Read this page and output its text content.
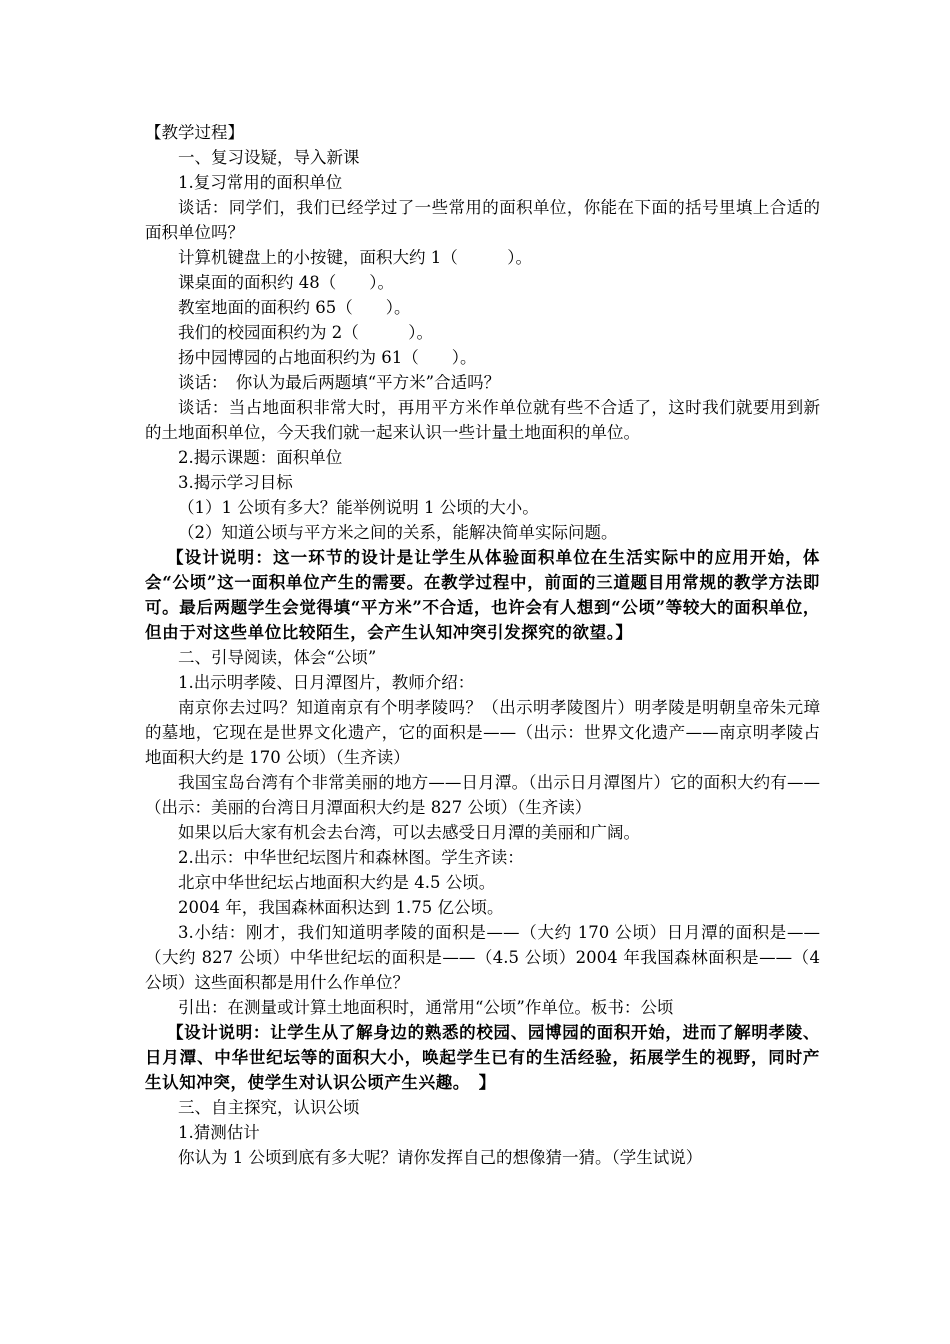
【教学过程】

一、复习设疑，导入新课

1.复习常用的面积单位

谈话：同学们，我们已经学过了一些常用的面积单位，你能在下面的括号里填上合适的面积单位吗？

计算机键盘上的小按键，面积大约 1（　　　）。

课桌面的面积约 48（　　）。

教室地面的面积约 65（　　）。

我们的校园面积约为 2（　　　）。

扬中园博园的占地面积约为 61（　　）。

谈话：　你认为最后两题填“平方米”合适吗？

谈话：当占地面积非常大时，再用平方米作单位就有些不合适了，这时我们就要用到新的土地面积单位，今天我们就一起来认识一些计量土地面积的单位。

2.揭示课题：面积单位

3.揭示学习目标

（1）1 公顷有多大？能举例说明 1 公顷的大小。

（2）知道公顷与平方米之间的关系，能解决简单实际问题。

【设计说明：这一环节的设计是让学生从体验面积单位在生活实际中的应用开始，体会“公顷”这一面积单位产生的需要。在教学过程中，前面的三道题目用常规的教学方法即可。最后两题学生会觉得填“平方米”不合适，也许会有人想到“公顷”等较大的面积单位，但由于对这些单位比较陌生，会产生认知冲突引发探究的欲望。】

二、引导阅读，体会“公顷”

1.出示明孝陵、日月潭图片，教师介绍：

南京你去过吗？知道南京有个明孝陵吗？（出示明孝陵图片）明孝陵是明朝皇帝朱元璋的墓地，它现在是世界文化遗产，它的面积是——（出示：世界文化遗产——南京明孝陵占地面积大约是 170 公顷）（生齐读）

我国宝岛台湾有个非常美丽的地方——日月潭。（出示日月潭图片）它的面积大约有——（出示：美丽的台湾日月潭面积大约是 827 公顷）（生齐读）

如果以后大家有机会去台湾，可以去感受日月潭的美丽和广阔。

2.出示：中华世纪坛图片和森林图。学生齐读：

北京中华世纪坛占地面积大约是 4.5 公顷。

2004 年，我国森林面积达到 1.75 亿公顷。

3.小结：刚才，我们知道明孝陵的面积是——（大约 170 公顷）日月潭的面积是——（大约 827 公顷）中华世纪坛的面积是——（4.5 公顷）2004 年我国森林面积是——（4 公顷）这些面积都是用什么作单位？

引出：在测量或计算土地面积时，通常用“公顷”作单位。板书：公顷

【设计说明：让学生从了解身边的熟悉的校园、园博园的面积开始，进而了解明孝陵、日月潭、中华世纪坛等的面积大小，唤起学生已有的生活经验，拓展学生的视野，同时产生认知冲突，使学生对认识公顷产生兴趣。　】

三、自主探究，认识公顷

1.猜测估计

你认为 1 公顷到底有多大呢？请你发挥自己的想像猜一猜。（学生试说）
